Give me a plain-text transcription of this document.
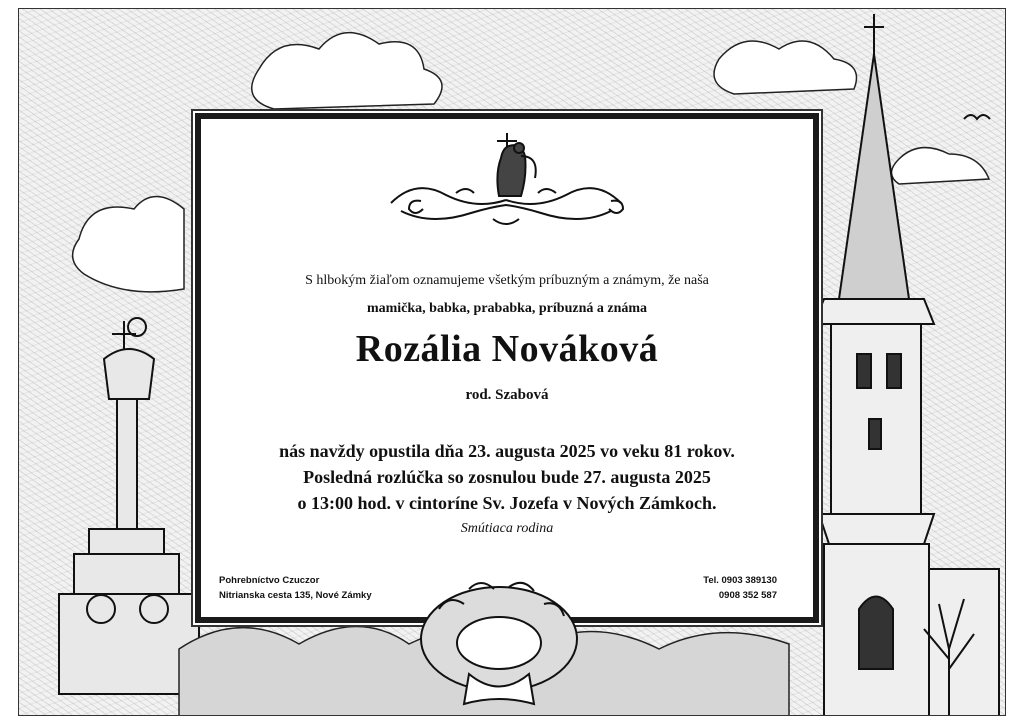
S hlbokým žiaľom oznamujeme všetkým príbuzným a známym, že naša
mamička, babka, prababka, príbuzná a známa
Rozália Nováková
rod. Szabová
nás navždy opustila dňa 23. augusta 2025 vo veku 81 rokov.
Posledná rozlúčka so zosnulou bude 27. augusta 2025
o 13:00 hod. v cintoríne Sv. Jozefa v Nových Zámkoch.
Smútiaca rodina
Pohrebníctvo Czuczor
Nitrianska cesta 135, Nové Zámky
Tel. 0903 389130
0908 352 587
